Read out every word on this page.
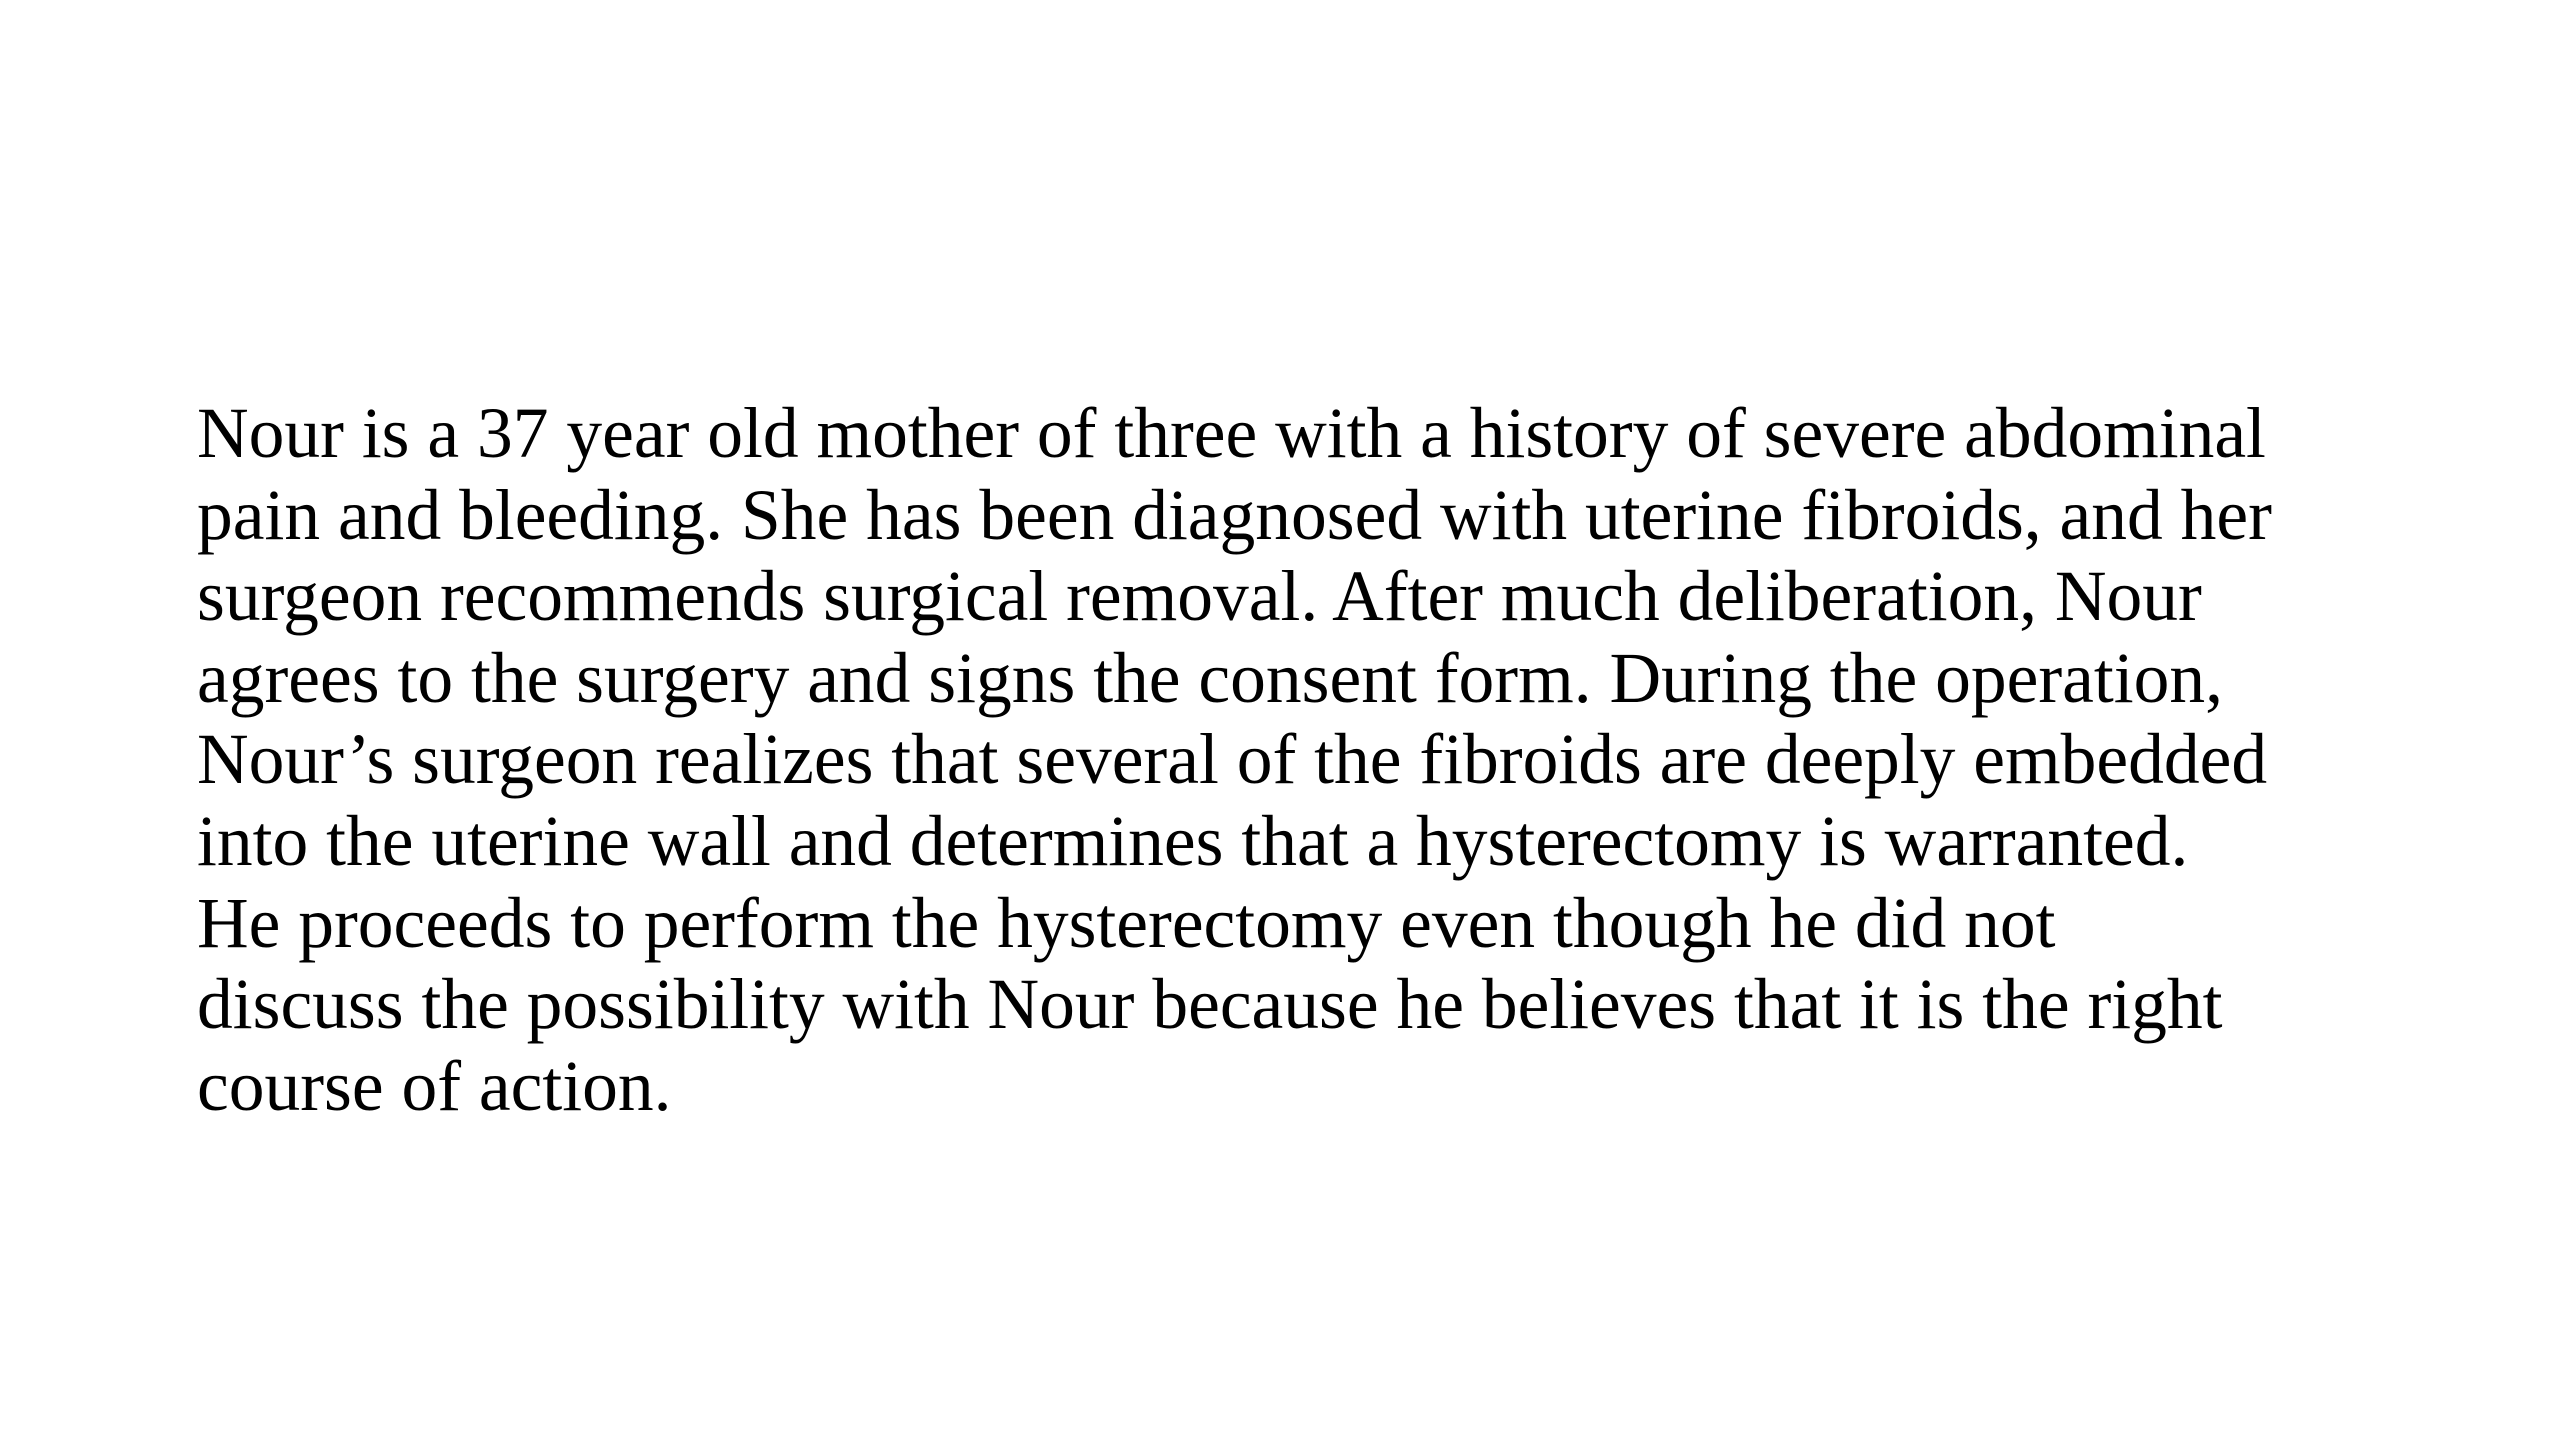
Nour is a 37 year old mother of three with a history of severe abdominal
pain and bleeding. She has been diagnosed with uterine fibroids, and her
surgeon recommends surgical removal. After much deliberation, Nour
agrees to the surgery and signs the consent form. During the operation,
Nour’s surgeon realizes that several of the fibroids are deeply embedded
into the uterine wall and determines that a hysterectomy is warranted.
He proceeds to perform the hysterectomy even though he did not
discuss the possibility with Nour because he believes that it is the right
course of action.
